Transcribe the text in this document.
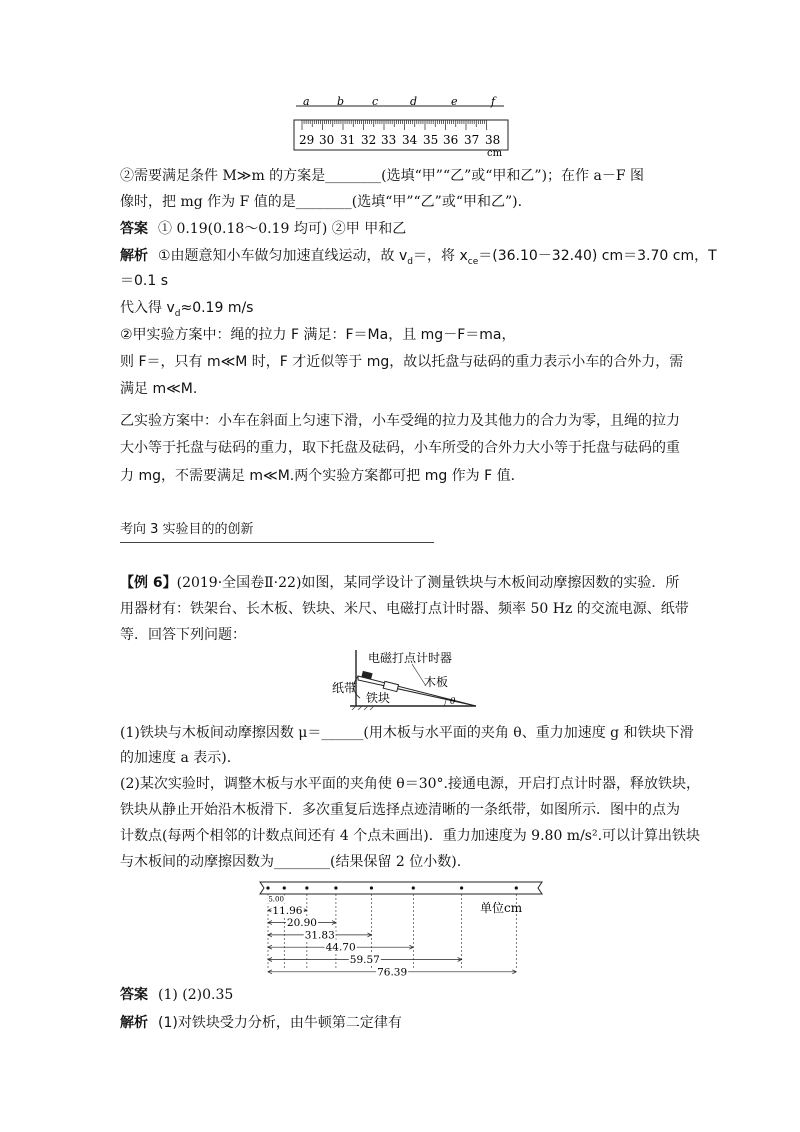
a b	c	d	e	f
29 30 31 32 33 34 35 36 37 38
cm
②需要满足条件 M≫m 的方案是________(选填“甲”“乙”或“甲和乙”)；在作 a－F 图
像时，把 mg 作为 F 值的是________(选填“甲”“乙”或“甲和乙”).
答案 ① 0.19(0.18～0.19 均可) ②甲 甲和乙
解析 ①由题意知小车做匀加速直线运动，故 $v_d=$，将 $x_{ce}=(36.10-32.40)$ cm＝3.70 cm，T
＝0.1 s
代入得 $v_d\approx 0.19$ m/s
②甲实验方案中：绳的拉力 F 满足：F＝Ma，且 mg－F＝ma，
则 F＝，只有 m≪M 时，F 才近似等于 mg，故以托盘与砝码的重力表示小车的合外力，需
满足 m≪M.
乙实验方案中：小车在斜面上匀速下滑，小车受绳的拉力及其他力的合力为零，且绳的拉力
大小等于托盘与砝码的重力，取下托盘及砝码，小车所受的合外力大小等于托盘与砝码的重
力 mg，不需要满足 m≪M.两个实验方案都可把 mg 作为 F 值．
考向 3 实验目的的创新
【例 6】(2019·全国卷Ⅱ·22)如图，某同学设计了测量铁块与木板间动摩擦因数的实验．所
用器材有：铁架台、长木板、铁块、米尺、电磁打点计时器、频率 50 Hz 的交流电源、纸带
等．回答下列问题：
电磁打点计时器
木板
纸带
铁块	θ
(1)铁块与木板间动摩擦因数 μ＝______(用木板与水平面的夹角 θ、重力加速度 g 和铁块下滑
的加速度 a 表示).
(2)某次实验时，调整木板与水平面的夹角使 θ＝30°.接通电源，开启打点计时器，释放铁块，
铁块从静止开始沿木板滑下．多次重复后选择点迹清晰的一条纸带，如图所示．图中的点为
计数点(每两个相邻的计数点间还有 4 个点未画出)．重力加速度为 9.80 m/s².可以计算出铁块
与木板间的动摩擦因数为________(结果保留 2 位小数).
5.00
11.96
20.90
31.83
44.70
59.57
76.39
单位cm
答案 (1) (2)0.35
解析 (1)对铁块受力分析，由牛顿第二定律有
